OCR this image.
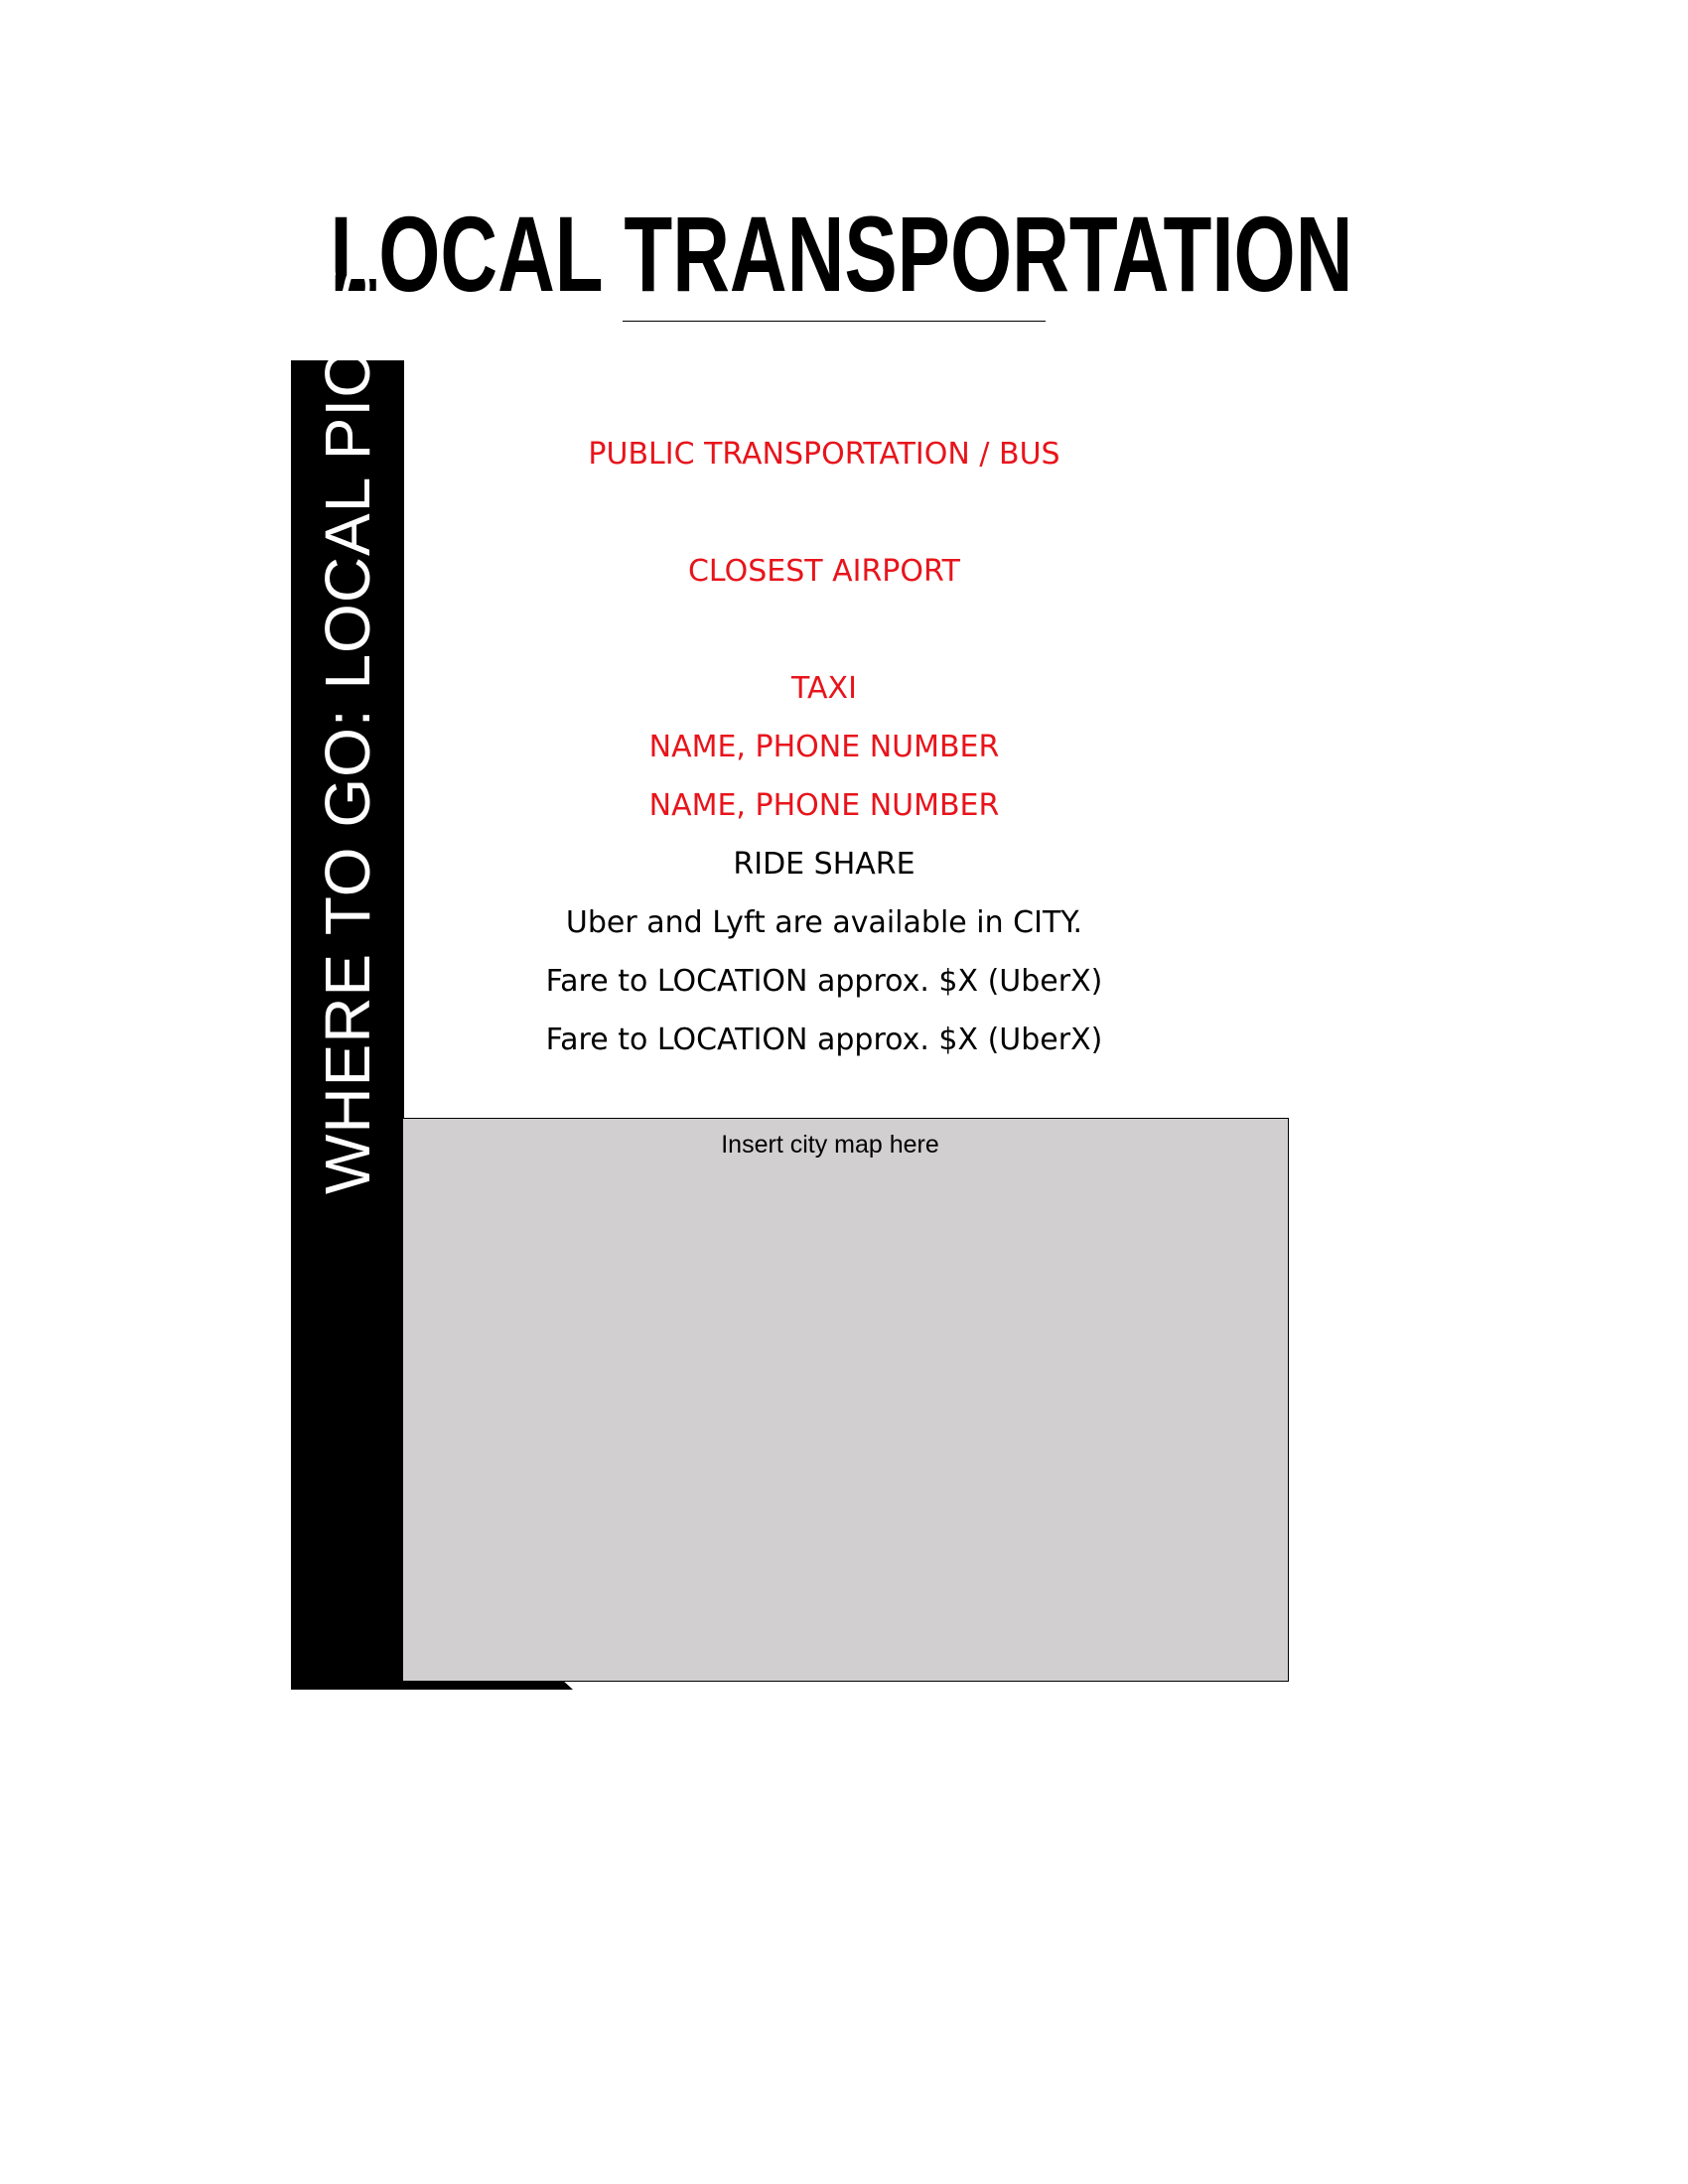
LOCAL TRANSPORTATION
WHERE TO GO: LOCAL PICKS	PUBLIC TRANSPORTATION / BUS
CLOSEST AIRPORT
TAXI
NAME, PHONE NUMBER
NAME, PHONE NUMBER
RIDE SHARE
Uber and Lyft are available in CITY.
Fare to LOCATION approx. $X (UberX)
Fare to LOCATION approx. $X (UberX)
Insert city map here
